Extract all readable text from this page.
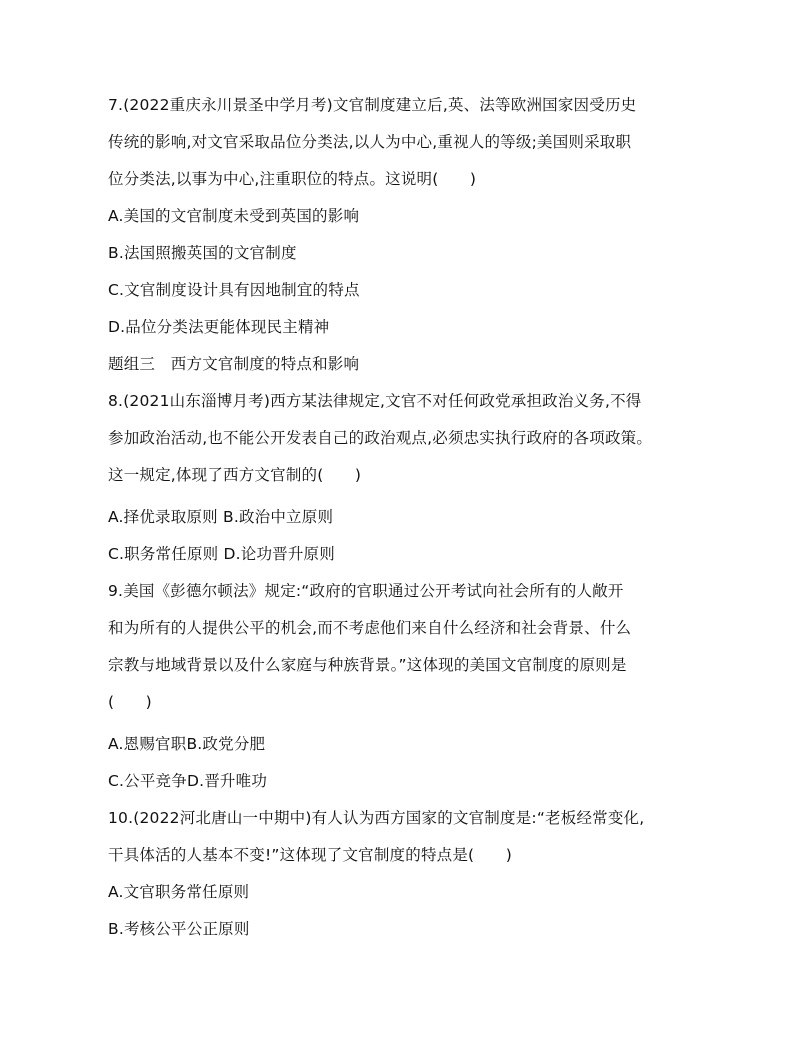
7.(2022重庆永川景圣中学月考)文官制度建立后,英、法等欧洲国家因受历史
传统的影响,对文官采取品位分类法,以人为中心,重视人的等级;美国则采取职
位分类法,以事为中心,注重职位的特点。这说明(　　)
A.美国的文官制度未受到英国的影响
B.法国照搬英国的文官制度
C.文官制度设计具有因地制宜的特点
D.品位分类法更能体现民主精神
题组三　西方文官制度的特点和影响
8.(2021山东淄博月考)西方某法律规定,文官不对任何政党承担政治义务,不得
参加政治活动,也不能公开发表自己的政治观点,必须忠实执行政府的各项政策。
这一规定,体现了西方文官制的(　　)
A.择优录取原则 B.政治中立原则
C.职务常任原则 D.论功晋升原则
9.美国《彭德尔顿法》规定:“政府的官职通过公开考试向社会所有的人敞开
和为所有的人提供公平的机会,而不考虑他们来自什么经济和社会背景、什么
宗教与地域背景以及什么家庭与种族背景。”这体现的美国文官制度的原则是
(　　)
A.恩赐官职B.政党分肥
C.公平竞争D.晋升唯功
10.(2022河北唐山一中期中)有人认为西方国家的文官制度是:“老板经常变化,
干具体活的人基本不变!”这体现了文官制度的特点是(　　)
A.文官职务常任原则
B.考核公平公正原则
